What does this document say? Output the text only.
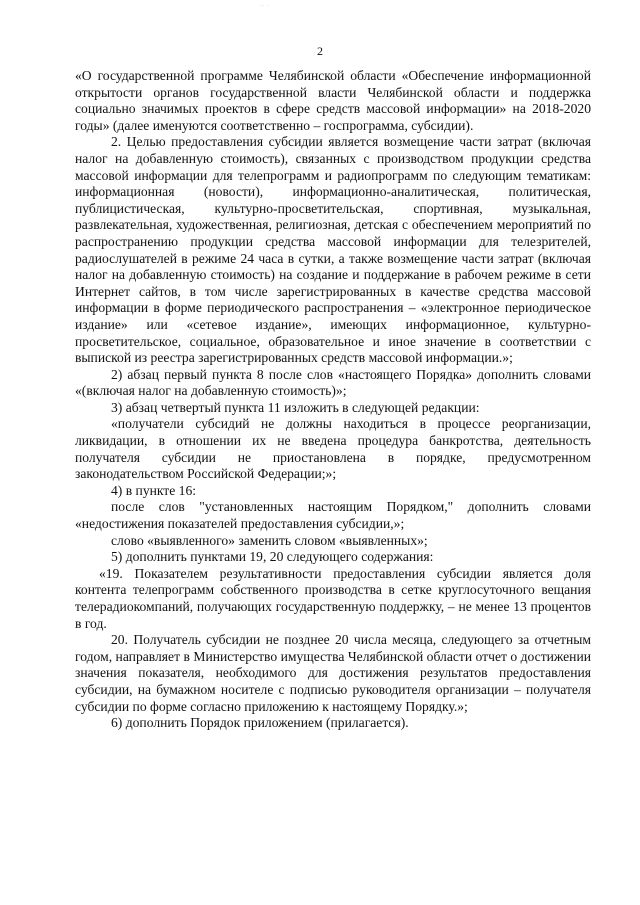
·· ·
2

«О государственной программе Челябинской области «Обеспечение информационной открытости органов государственной власти Челябинской области и поддержка социально значимых проектов в сфере средств массовой информации» на 2018-2020 годы» (далее именуются соответственно – госпрограмма, субсидии).

2. Целью предоставления субсидии является возмещение части затрат (включая налог на добавленную стоимость), связанных с производством продукции средства массовой информации для телепрограмм и радиопрограмм по следующим тематикам: информационная (новости), информационно-аналитическая, политическая, публицистическая, культурно-просветительская, спортивная, музыкальная, развлекательная, художественная, религиозная, детская с обеспечением мероприятий по распространению продукции средства массовой информации для телезрителей, радиослушателей в режиме 24 часа в сутки, а также возмещение части затрат (включая налог на добавленную стоимость) на создание и поддержание в рабочем режиме в сети Интернет сайтов, в том числе зарегистрированных в качестве средства массовой информации в форме периодического распространения – «электронное периодическое издание» или «сетевое издание», имеющих информационное, культурно-просветительское, социальное, образовательное и иное значение в соответствии с выпиской из реестра зарегистрированных средств массовой информации.»;

2) абзац первый пункта 8 после слов «настоящего Порядка» дополнить словами «(включая налог на добавленную стоимость)»;

3) абзац четвертый пункта 11 изложить в следующей редакции:

«получатели субсидий не должны находиться в процессе реорганизации, ликвидации, в отношении их не введена процедура банкротства, деятельность получателя субсидии не приостановлена в порядке, предусмотренном законодательством Российской Федерации;»;

4) в пункте 16:

после слов "установленных настоящим Порядком," дополнить словами «недостижения показателей предоставления субсидии,»;

слово «выявленного» заменить словом «выявленных»;

5) дополнить пунктами 19, 20 следующего содержания:

«19. Показателем результативности предоставления субсидии является доля контента телепрограмм собственного производства в сетке круглосуточного вещания телерадиокомпаний, получающих государственную поддержку, – не менее 13 процентов в год.

20. Получатель субсидии не позднее 20 числа месяца, следующего за отчетным годом, направляет в Министерство имущества Челябинской области отчет о достижении значения показателя, необходимого для достижения результатов предоставления субсидии, на бумажном носителе с подписью руководителя организации – получателя субсидии по форме согласно приложению к настоящему Порядку.»;

6) дополнить Порядок приложением (прилагается).
